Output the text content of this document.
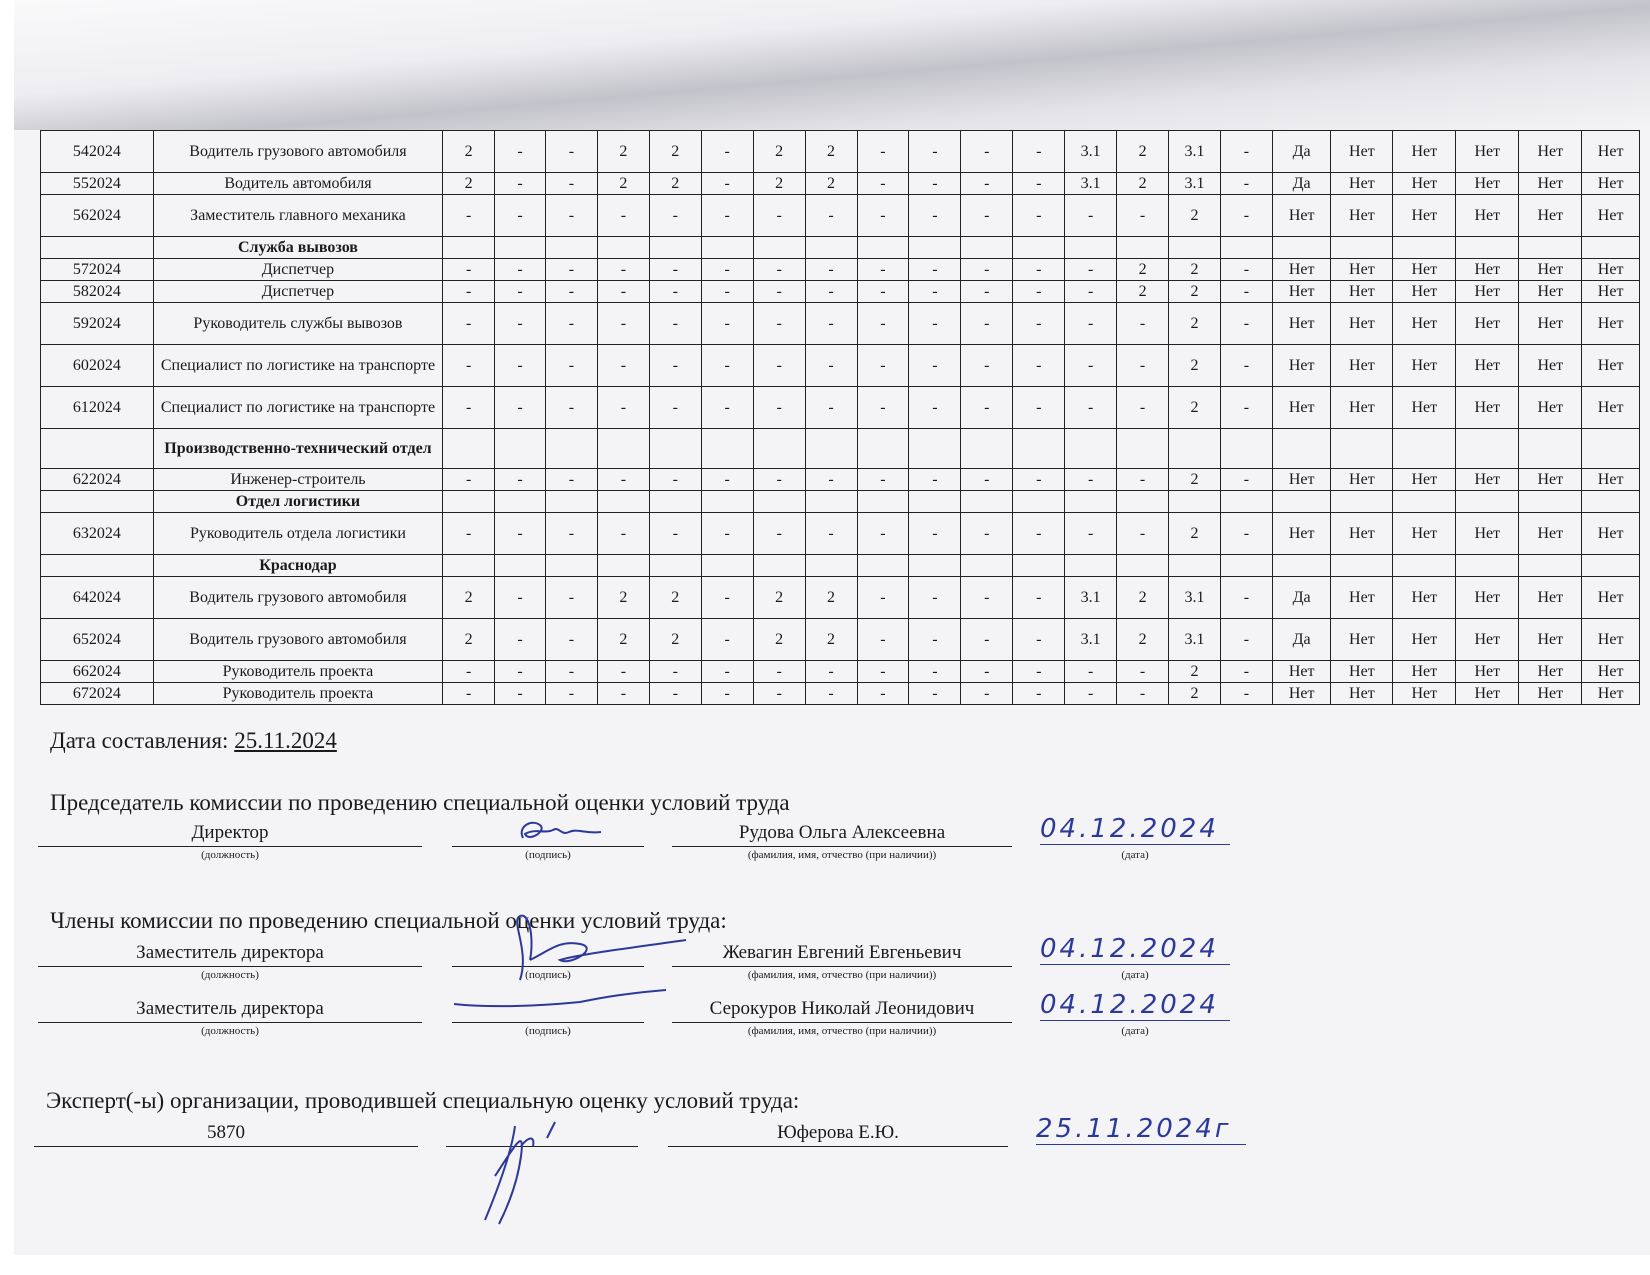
542024	Водитель грузового автомобиля	2	-	-	2	2	-	2	2	-	-	-	-	3.1	2	3.1	-	Да	Нет	Нет	Нет	Нет	Нет
552024	Водитель автомобиля	2	-	-	2	2	-	2	2	-	-	-	-	3.1	2	3.1	-	Да	Нет	Нет	Нет	Нет	Нет
562024	Заместитель главного механика	-	-	-	-	-	-	-	-	-	-	-	-	-	-	2	-	Нет	Нет	Нет	Нет	Нет	Нет
	Служба вывозов																						
572024	Диспетчер	-	-	-	-	-	-	-	-	-	-	-	-	-	2	2	-	Нет	Нет	Нет	Нет	Нет	Нет
582024	Диспетчер	-	-	-	-	-	-	-	-	-	-	-	-	-	2	2	-	Нет	Нет	Нет	Нет	Нет	Нет
592024	Руководитель службы вывозов	-	-	-	-	-	-	-	-	-	-	-	-	-	-	2	-	Нет	Нет	Нет	Нет	Нет	Нет
602024	Специалист по логистике на транспорте	-	-	-	-	-	-	-	-	-	-	-	-	-	-	2	-	Нет	Нет	Нет	Нет	Нет	Нет
612024	Специалист по логистике на транспорте	-	-	-	-	-	-	-	-	-	-	-	-	-	-	2	-	Нет	Нет	Нет	Нет	Нет	Нет
	Производственно-технический отдел																						
622024	Инженер-строитель	-	-	-	-	-	-	-	-	-	-	-	-	-	-	2	-	Нет	Нет	Нет	Нет	Нет	Нет
	Отдел логистики																						
632024	Руководитель отдела логистики	-	-	-	-	-	-	-	-	-	-	-	-	-	-	2	-	Нет	Нет	Нет	Нет	Нет	Нет
	Краснодар																						
642024	Водитель грузового автомобиля	2	-	-	2	2	-	2	2	-	-	-	-	3.1	2	3.1	-	Да	Нет	Нет	Нет	Нет	Нет
652024	Водитель грузового автомобиля	2	-	-	2	2	-	2	2	-	-	-	-	3.1	2	3.1	-	Да	Нет	Нет	Нет	Нет	Нет
662024	Руководитель проекта	-	-	-	-	-	-	-	-	-	-	-	-	-	-	2	-	Нет	Нет	Нет	Нет	Нет	Нет
672024	Руководитель проекта	-	-	-	-	-	-	-	-	-	-	-	-	-	-	2	-	Нет	Нет	Нет	Нет	Нет	Нет
Дата составления: 25.11.2024
Председатель комиссии по проведению специальной оценки условий труда
Директор
(должность)	(подпись)
Рудова Ольга Алексеевна
(фамилия, имя, отчество (при наличии))
04.12.2024
(дата)
Члены комиссии по проведению специальной оценки условий труда:
Заместитель директора
(должность)	(подпись)
Жевагин Евгений Евгеньевич
(фамилия, имя, отчество (при наличии))
04.12.2024
(дата)
Заместитель директора
(должность)	(подпись)
Серокуров Николай Леонидович
(фамилия, имя, отчество (при наличии))
04.12.2024
(дата)
Эксперт(-ы) организации, проводившей специальную оценку условий труда:
5870	Юферова Е.Ю.	25.11.2024г
